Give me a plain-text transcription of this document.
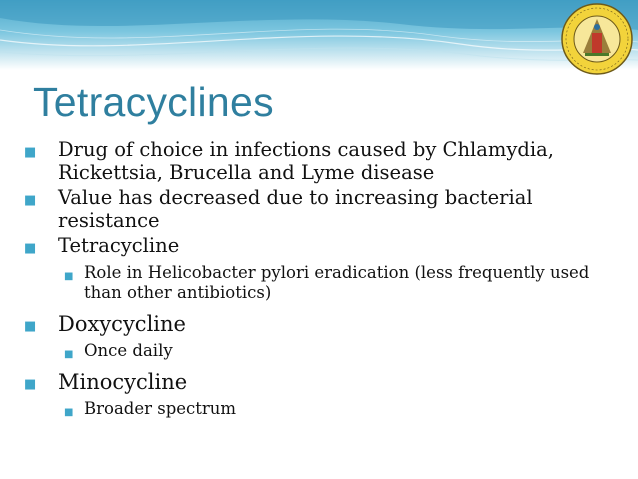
Tetracyclines
■ Drug of choice in infections caused by Chlamydia, Rickettsia, Brucella and Lyme disease
■ Value has decreased due to increasing bacterial resistance
■ Tetracycline
■ Role in Helicobacter pylori eradication (less frequently used than other antibiotics)
■ Doxycycline
■ Once daily
■ Minocycline
■ Broader spectrum
